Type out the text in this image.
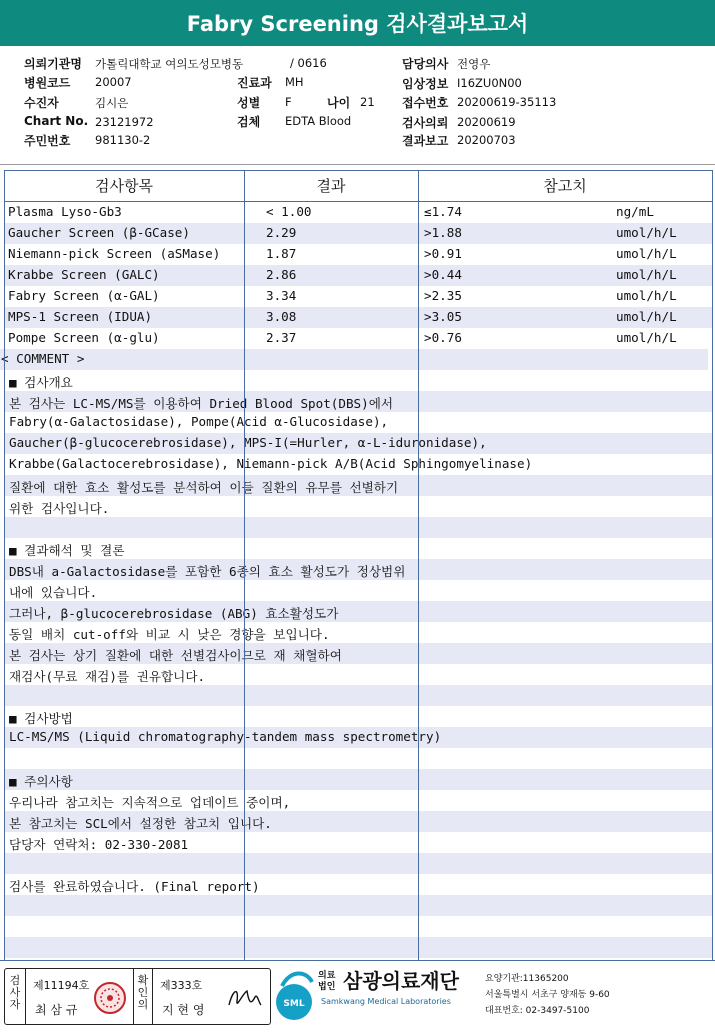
Fabry Screening 검사결과보고서
의뢰기관명 가톨릭대학교 여의도성모병동	/ 0616
병원코드 20007
수진자	김시은
Chart No. 23121972
주민번호 981130-2
진료과 MH
성별 F	나이 21
검체 EDTA Blood
담당의사 전영우
임상정보 I16ZU0N00
접수번호 20200619-35113
검사의뢰 20200619
결과보고 20200703
검사항목	결과	참고치
Plasma Lyso-Gb3	< 1.00	≤1.74	ng/mL
Gaucher Screen (β-GCase)	2.29	>1.88	umol/h/L
Niemann-pick Screen (aSMase)	1.87	>0.91	umol/h/L
Krabbe Screen (GALC)	2.86	>0.44	umol/h/L
Fabry Screen (α-GAL)	3.34	>2.35	umol/h/L
MPS-1 Screen (IDUA)	3.08	>3.05	umol/h/L
Pompe Screen (α-glu)	2.37	>0.76	umol/h/L
< COMMENT >
■ 검사개요
본 검사는 LC-MS/MS를 이용하여 Dried Blood Spot(DBS)에서
Fabry(α-Galactosidase), Pompe(Acid α-Glucosidase),
Gaucher(β-glucocerebrosidase), MPS-I(=Hurler, α-L-iduronidase),
Krabbe(Galactocerebrosidase), Niemann-pick A/B(Acid Sphingomyelinase)
질환에 대한 효소 활성도를 분석하여 이들 질환의 유무를 선별하기
위한 검사입니다.
■ 결과해석 및 결론
DBS내 a-Galactosidase를 포함한 6종의 효소 활성도가 정상범위
내에 있습니다.
그러나, β-glucocerebrosidase (ABG) 효소활성도가
동일 배치 cut-off와 비교 시 낮은 경향을 보입니다.
본 검사는 상기 질환에 대한 선별검사이므로 재 채혈하여
재검사(무료 재검)를 권유합니다.
■ 검사방법
LC-MS/MS (Liquid chromatography-tandem mass spectrometry)
■ 주의사항
우리나라 참고치는 지속적으로 업데이트 중이며,
본 참고치는 SCL에서 설정한 참고치 입니다.
담당자 연락처: 02-330-2081
검사를 완료하였습니다. (Final report)
검사자
제11194호
최 삼 규
확인의
제333호
지 현 영	SML
의료법인 삼광의료재단
Samkwang Medical Laboratories
요양기관:11365200
서울특별시 서초구 양재동 9-60
대표번호: 02-3497-5100
